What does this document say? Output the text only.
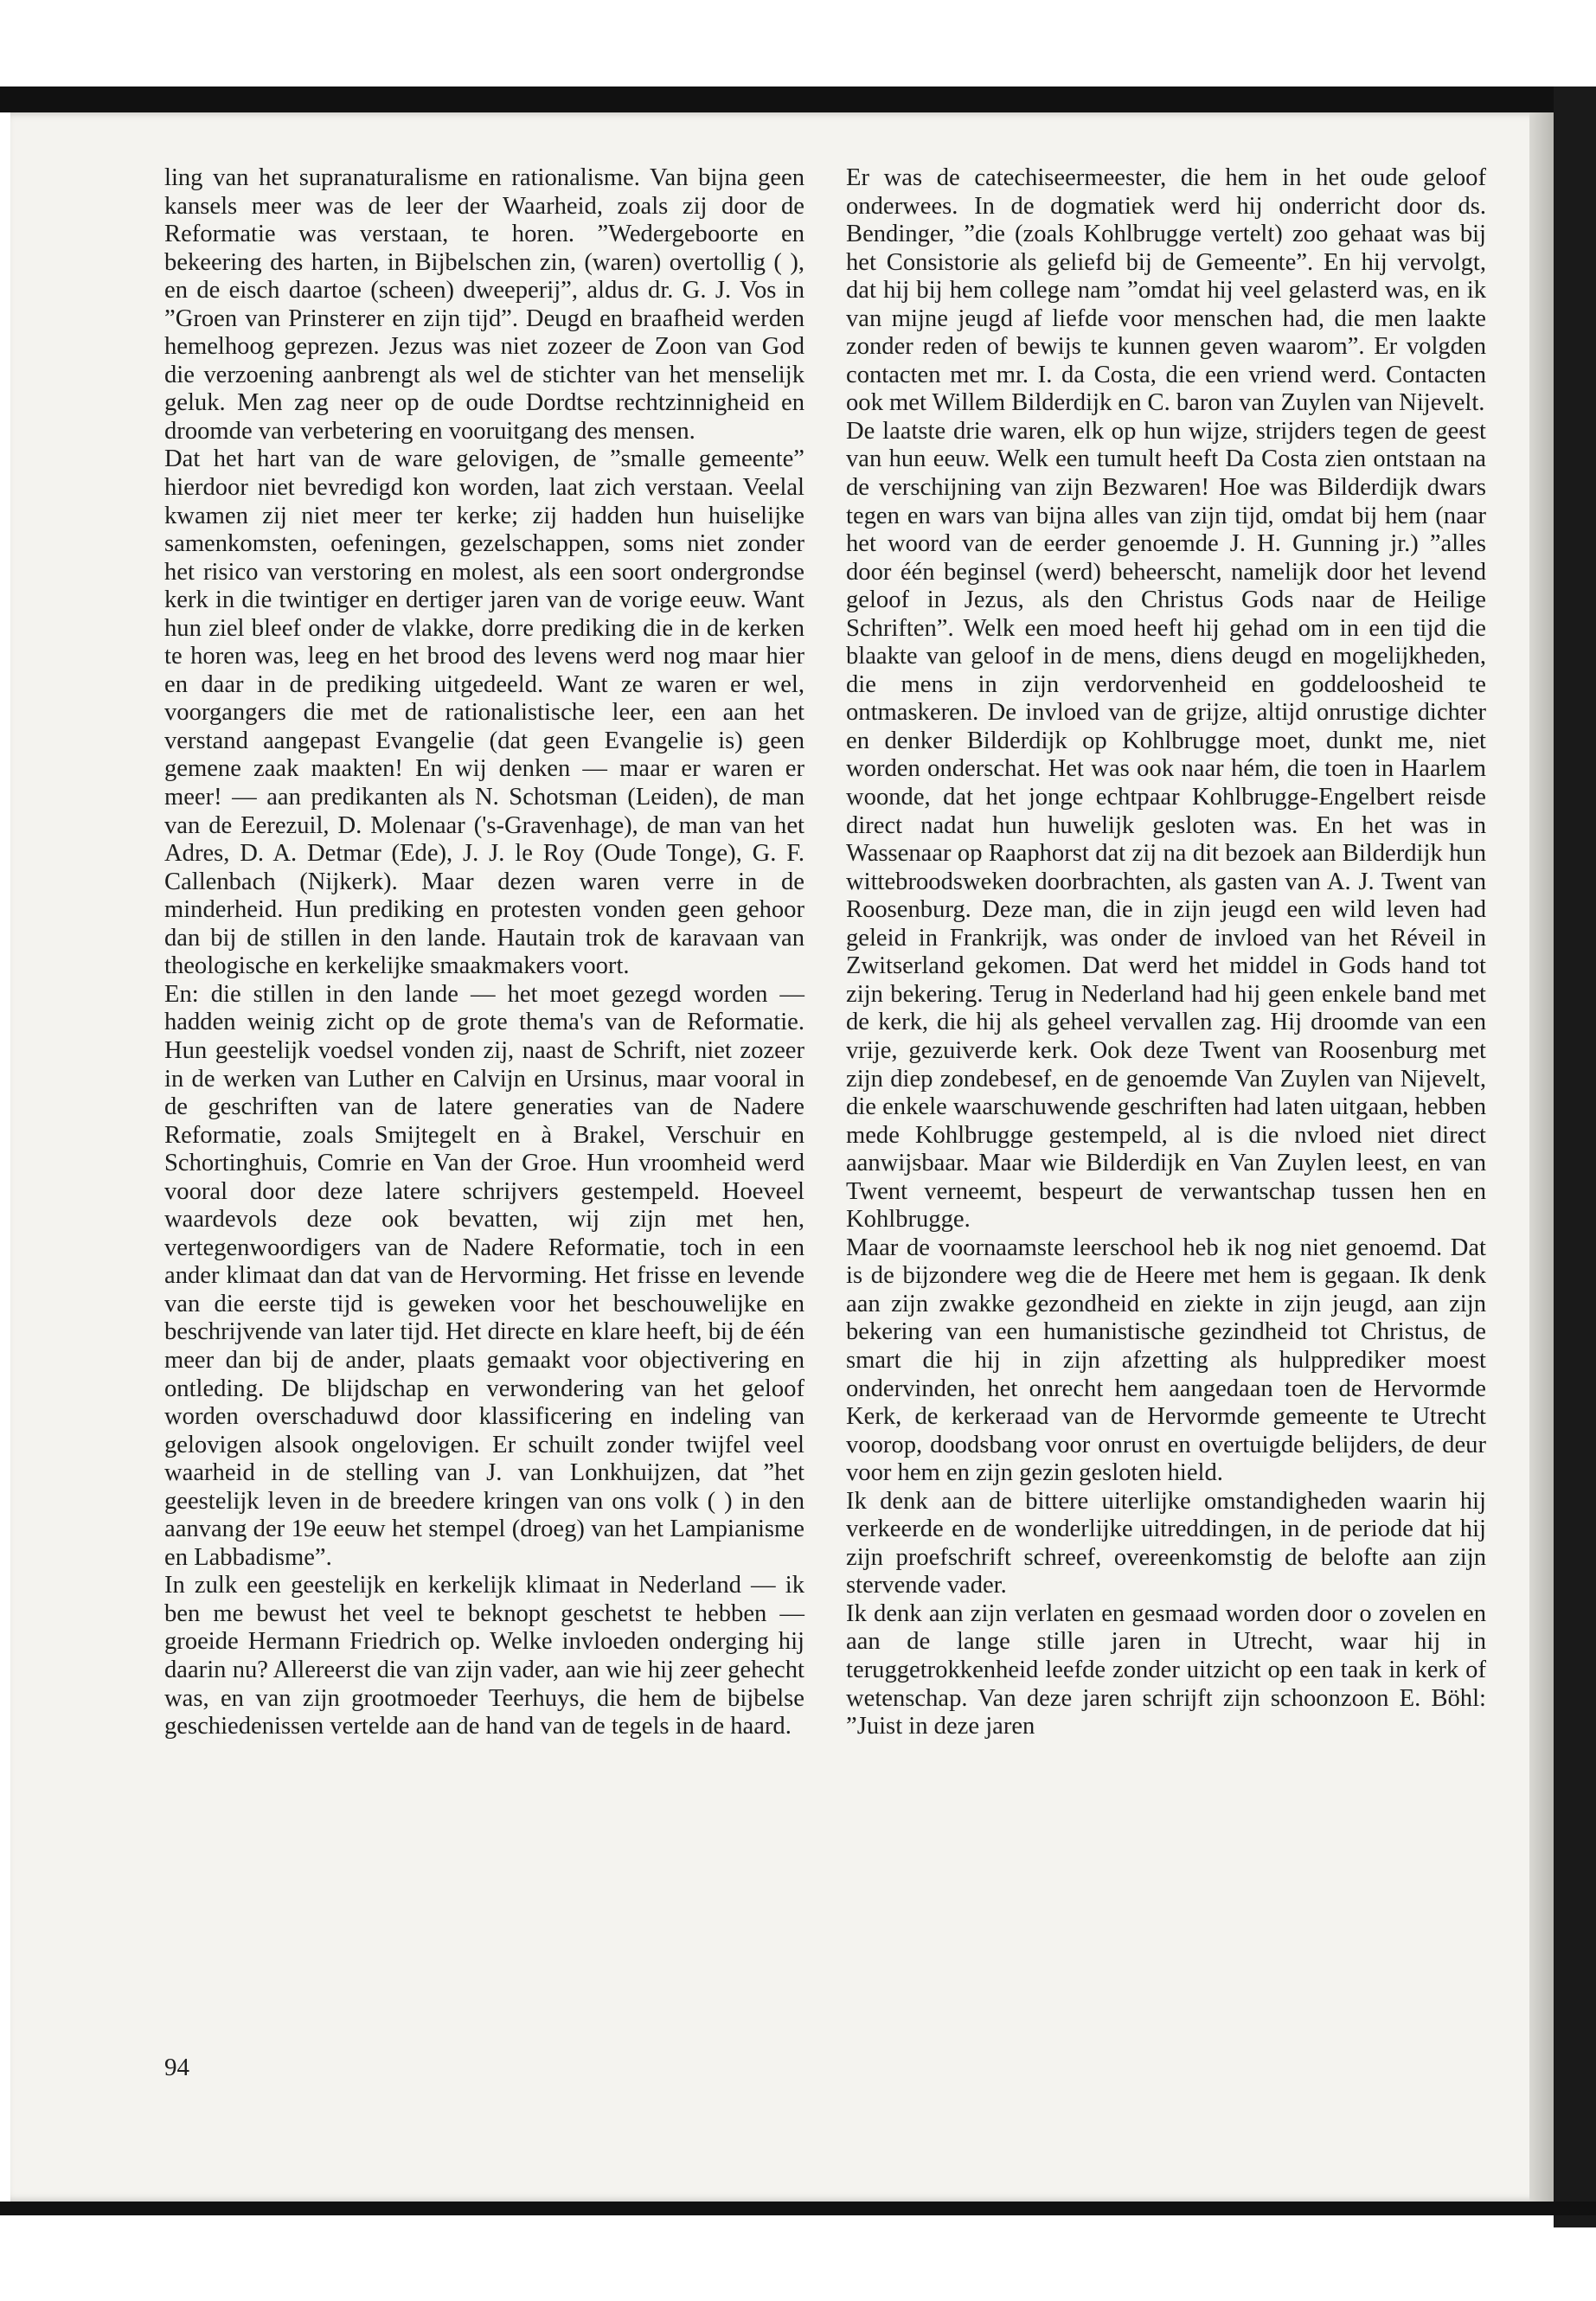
ling van het supranaturalisme en rationalisme. Van bijna geen kansels meer was de leer der Waarheid, zoals zij door de Reformatie was verstaan, te horen. ”Wedergeboorte en bekeering des harten, in Bijbelschen zin, (waren) overtollig ( ), en de eisch daartoe (scheen) dweeperij”, aldus dr. G. J. Vos in ”Groen van Prinsterer en zijn tijd”. Deugd en braafheid werden hemelhoog geprezen. Jezus was niet zozeer de Zoon van God die verzoening aanbrengt als wel de stichter van het menselijk geluk. Men zag neer op de oude Dordtse rechtzinnigheid en droomde van verbetering en vooruitgang des mensen.

Dat het hart van de ware gelovigen, de ”smalle gemeente” hierdoor niet bevredigd kon worden, laat zich verstaan. Veelal kwamen zij niet meer ter kerke; zij hadden hun huiselijke samenkomsten, oefeningen, gezelschappen, soms niet zonder het risico van verstoring en molest, als een soort ondergrondse kerk in die twintiger en dertiger jaren van de vorige eeuw. Want hun ziel bleef onder de vlakke, dorre prediking die in de kerken te horen was, leeg en het brood des levens werd nog maar hier en daar in de prediking uitgedeeld. Want ze waren er wel, voorgangers die met de rationalistische leer, een aan het verstand aangepast Evangelie (dat geen Evangelie is) geen gemene zaak maakten! En wij denken — maar er waren er meer! — aan predikanten als N. Schotsman (Leiden), de man van de Eerezuil, D. Molenaar ('s-Gravenhage), de man van het Adres, D. A. Detmar (Ede), J. J. le Roy (Oude Tonge), G. F. Callenbach (Nijkerk). Maar dezen waren verre in de minderheid. Hun prediking en protesten vonden geen gehoor dan bij de stillen in den lande. Hautain trok de karavaan van theologische en kerkelijke smaakmakers voort.

En: die stillen in den lande — het moet gezegd worden — hadden weinig zicht op de grote thema's van de Reformatie. Hun geestelijk voedsel vonden zij, naast de Schrift, niet zozeer in de werken van Luther en Calvijn en Ursinus, maar vooral in de geschriften van de latere generaties van de Nadere Reformatie, zoals Smijtegelt en à Brakel, Verschuir en Schortinghuis, Comrie en Van der Groe. Hun vroomheid werd vooral door deze latere schrijvers gestempeld. Hoeveel waardevols deze ook bevatten, wij zijn met hen, vertegenwoordigers van de Nadere Reformatie, toch in een ander klimaat dan dat van de Hervorming. Het frisse en levende van die eerste tijd is geweken voor het beschouwelijke en beschrijvende van later tijd. Het directe en klare heeft, bij de één meer dan bij de ander, plaats gemaakt voor objectivering en ontleding. De blijdschap en verwondering van het geloof worden overschaduwd door klassificering en indeling van gelovigen alsook ongelovigen. Er schuilt zonder twijfel veel waarheid in de stelling van J. van Lonkhuijzen, dat ”het geestelijk leven in de breedere kringen van ons volk ( ) in den aanvang der 19e eeuw het stempel (droeg) van het Lampianisme en Labbadisme”.

In zulk een geestelijk en kerkelijk klimaat in Nederland — ik ben me bewust het veel te beknopt geschetst te hebben — groeide Hermann Friedrich op. Welke invloeden onderging hij daarin nu? Allereerst die van zijn vader, aan wie hij zeer gehecht was, en van zijn grootmoeder Teerhuys, die hem de bijbelse geschiedenissen vertelde aan de hand van de tegels in de haard.

Er was de catechiseermeester, die hem in het oude geloof onderwees. In de dogmatiek werd hij onderricht door ds. Bendinger, ”die (zoals Kohlbrugge vertelt) zoo gehaat was bij het Consistorie als geliefd bij de Gemeente”. En hij vervolgt, dat hij bij hem college nam ”omdat hij veel gelasterd was, en ik van mijne jeugd af liefde voor menschen had, die men laakte zonder reden of bewijs te kunnen geven waarom”. Er volgden contacten met mr. I. da Costa, die een vriend werd. Contacten ook met Willem Bilderdijk en C. baron van Zuylen van Nijevelt.

De laatste drie waren, elk op hun wijze, strijders tegen de geest van hun eeuw. Welk een tumult heeft Da Costa zien ontstaan na de verschijning van zijn Bezwaren! Hoe was Bilderdijk dwars tegen en wars van bijna alles van zijn tijd, omdat bij hem (naar het woord van de eerder genoemde J. H. Gunning jr.) ”alles door één beginsel (werd) beheerscht, namelijk door het levend geloof in Jezus, als den Christus Gods naar de Heilige Schriften”. Welk een moed heeft hij gehad om in een tijd die blaakte van geloof in de mens, diens deugd en mogelijkheden, die mens in zijn verdorvenheid en goddeloosheid te ontmaskeren. De invloed van de grijze, altijd onrustige dichter en denker Bilderdijk op Kohlbrugge moet, dunkt me, niet worden onderschat. Het was ook naar hém, die toen in Haarlem woonde, dat het jonge echtpaar Kohlbrugge-Engelbert reisde direct nadat hun huwelijk gesloten was. En het was in Wassenaar op Raaphorst dat zij na dit bezoek aan Bilderdijk hun wittebroodsweken doorbrachten, als gasten van A. J. Twent van Roosenburg. Deze man, die in zijn jeugd een wild leven had geleid in Frankrijk, was onder de invloed van het Réveil in Zwitserland gekomen. Dat werd het middel in Gods hand tot zijn bekering. Terug in Nederland had hij geen enkele band met de kerk, die hij als geheel vervallen zag. Hij droomde van een vrije, gezuiverde kerk. Ook deze Twent van Roosenburg met zijn diep zondebesef, en de genoemde Van Zuylen van Nijevelt, die enkele waarschuwende geschriften had laten uitgaan, hebben mede Kohlbrugge gestempeld, al is die nvloed niet direct aanwijsbaar. Maar wie Bilderdijk en Van Zuylen leest, en van Twent verneemt, bespeurt de verwantschap tussen hen en Kohlbrugge.

Maar de voornaamste leerschool heb ik nog niet genoemd. Dat is de bijzondere weg die de Heere met hem is gegaan. Ik denk aan zijn zwakke gezondheid en ziekte in zijn jeugd, aan zijn bekering van een humanistische gezindheid tot Christus, de smart die hij in zijn afzetting als hulpprediker moest ondervinden, het onrecht hem aangedaan toen de Hervormde Kerk, de kerkeraad van de Hervormde gemeente te Utrecht voorop, doodsbang voor onrust en overtuigde belijders, de deur voor hem en zijn gezin gesloten hield.

Ik denk aan de bittere uiterlijke omstandigheden waarin hij verkeerde en de wonderlijke uitreddingen, in de periode dat hij zijn proefschrift schreef, overeenkomstig de belofte aan zijn stervende vader.

Ik denk aan zijn verlaten en gesmaad worden door o zovelen en aan de lange stille jaren in Utrecht, waar hij in teruggetrokkenheid leefde zonder uitzicht op een taak in kerk of wetenschap. Van deze jaren schrijft zijn schoonzoon E. Böhl: ”Juist in deze jaren

94
